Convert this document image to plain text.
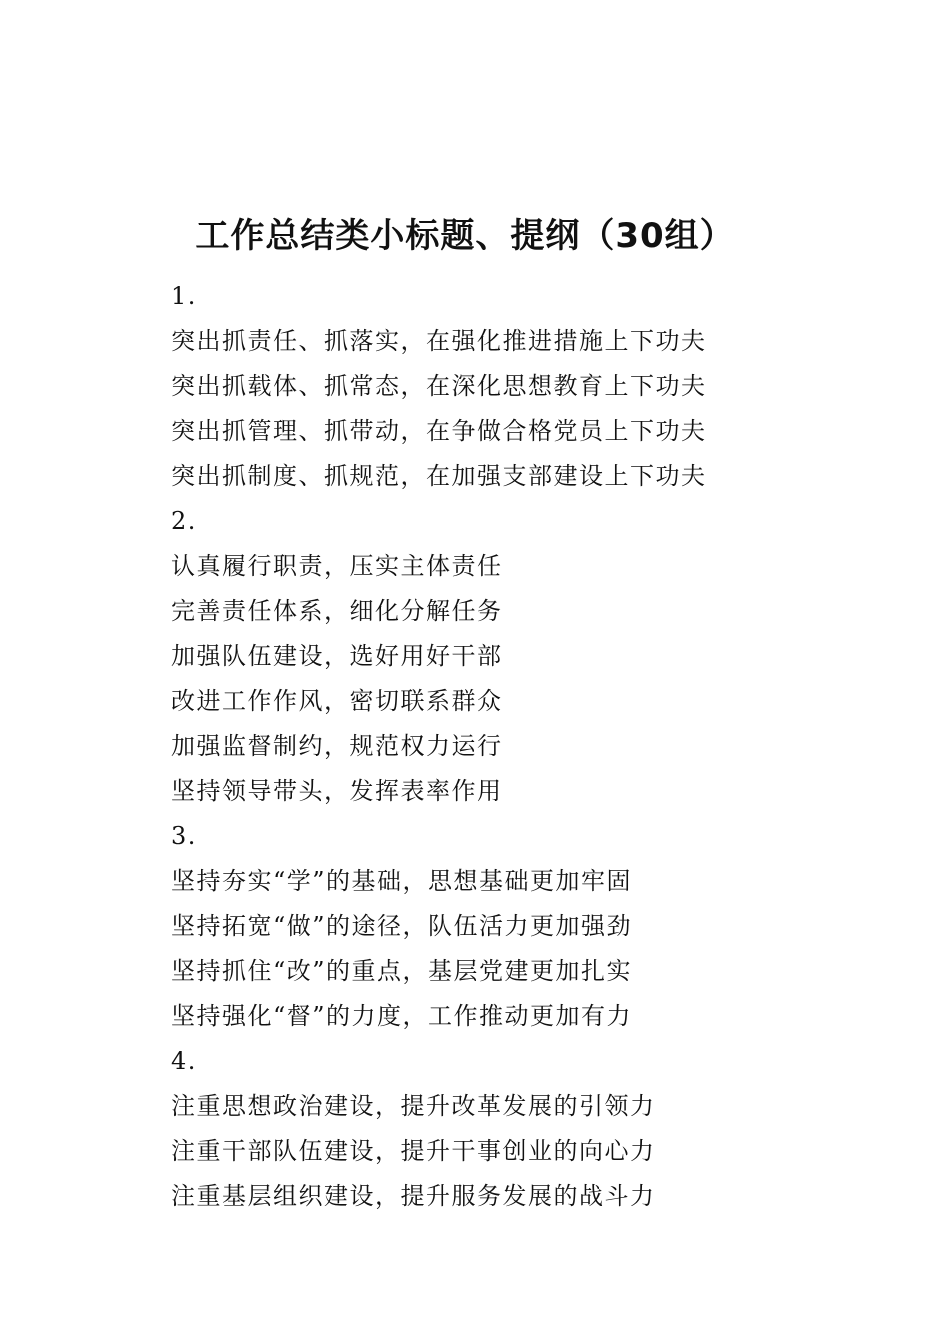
工作总结类小标题、提纲（30组）
1.
突出抓责任、抓落实，在强化推进措施上下功夫
突出抓载体、抓常态，在深化思想教育上下功夫
突出抓管理、抓带动，在争做合格党员上下功夫
突出抓制度、抓规范，在加强支部建设上下功夫
2.
认真履行职责，压实主体责任
完善责任体系，细化分解任务
加强队伍建设，选好用好干部
改进工作作风，密切联系群众
加强监督制约，规范权力运行
坚持领导带头，发挥表率作用
3.
坚持夯实“学”的基础，思想基础更加牢固
坚持拓宽“做”的途径，队伍活力更加强劲
坚持抓住“改”的重点，基层党建更加扎实
坚持强化“督”的力度，工作推动更加有力
4.
注重思想政治建设，提升改革发展的引领力
注重干部队伍建设，提升干事创业的向心力
注重基层组织建设，提升服务发展的战斗力
